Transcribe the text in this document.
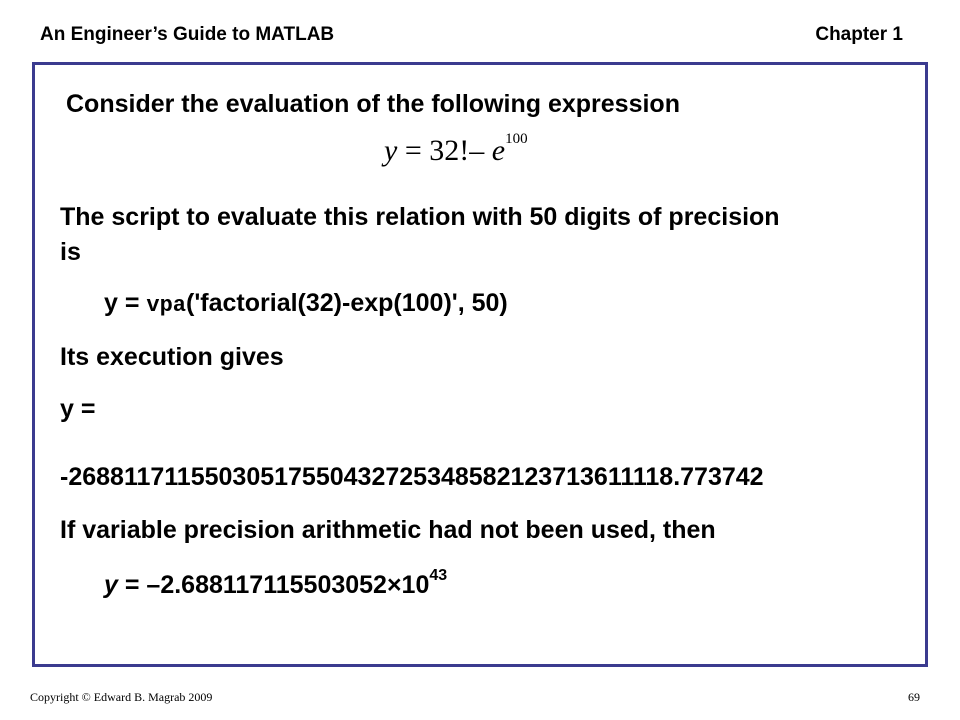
An Engineer’s Guide to MATLAB	Chapter 1
Consider the evaluation of the following expression
y = 32!– $e^{100}$
The script to evaluate this relation with 50 digits of precision
is
y = vpa('factorial(32)-exp(100)', 50)
Its execution gives
y =
-26881171155030517550432725348582123713611118.773742
If variable precision arithmetic had not been used, then
$y = -2.688117115503052\times 10^{43}$
Copyright © Edward B. Magrab 2009	69
